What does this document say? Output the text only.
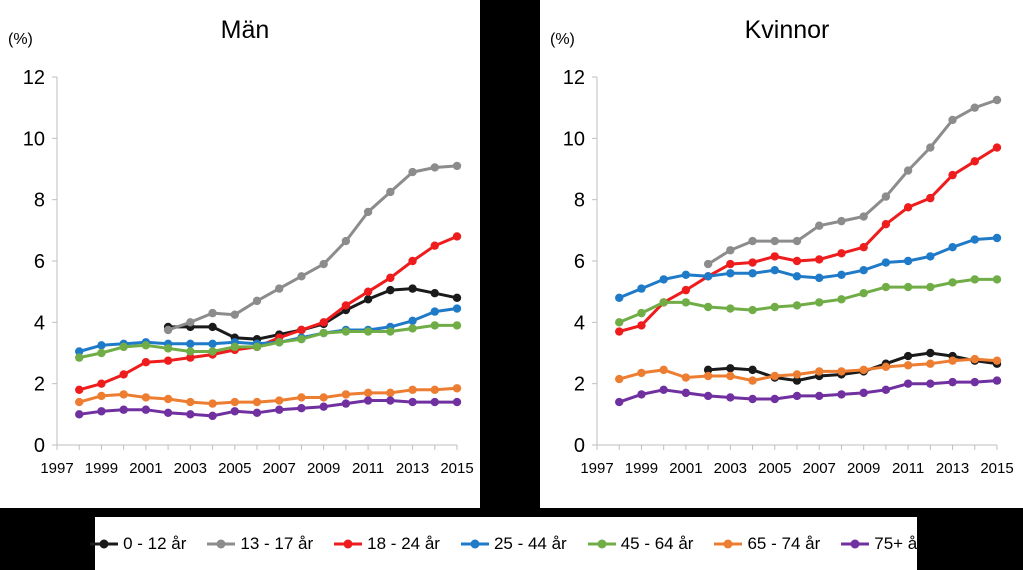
Män
(%)
0
2
4
6
8
10
12
1997 1999 2001 2003 2005 2007 2009 2011 2013 2015
Kvinnor
(%)
0
2
4
6
8
10
12
1997 1999 2001 2003 2005 2007 2009 2011 2013 2015
0 - 12 år	13 - 17 år	18 - 24 år	25 - 44 år	45 - 64 år	65 - 74 år	75+ år
